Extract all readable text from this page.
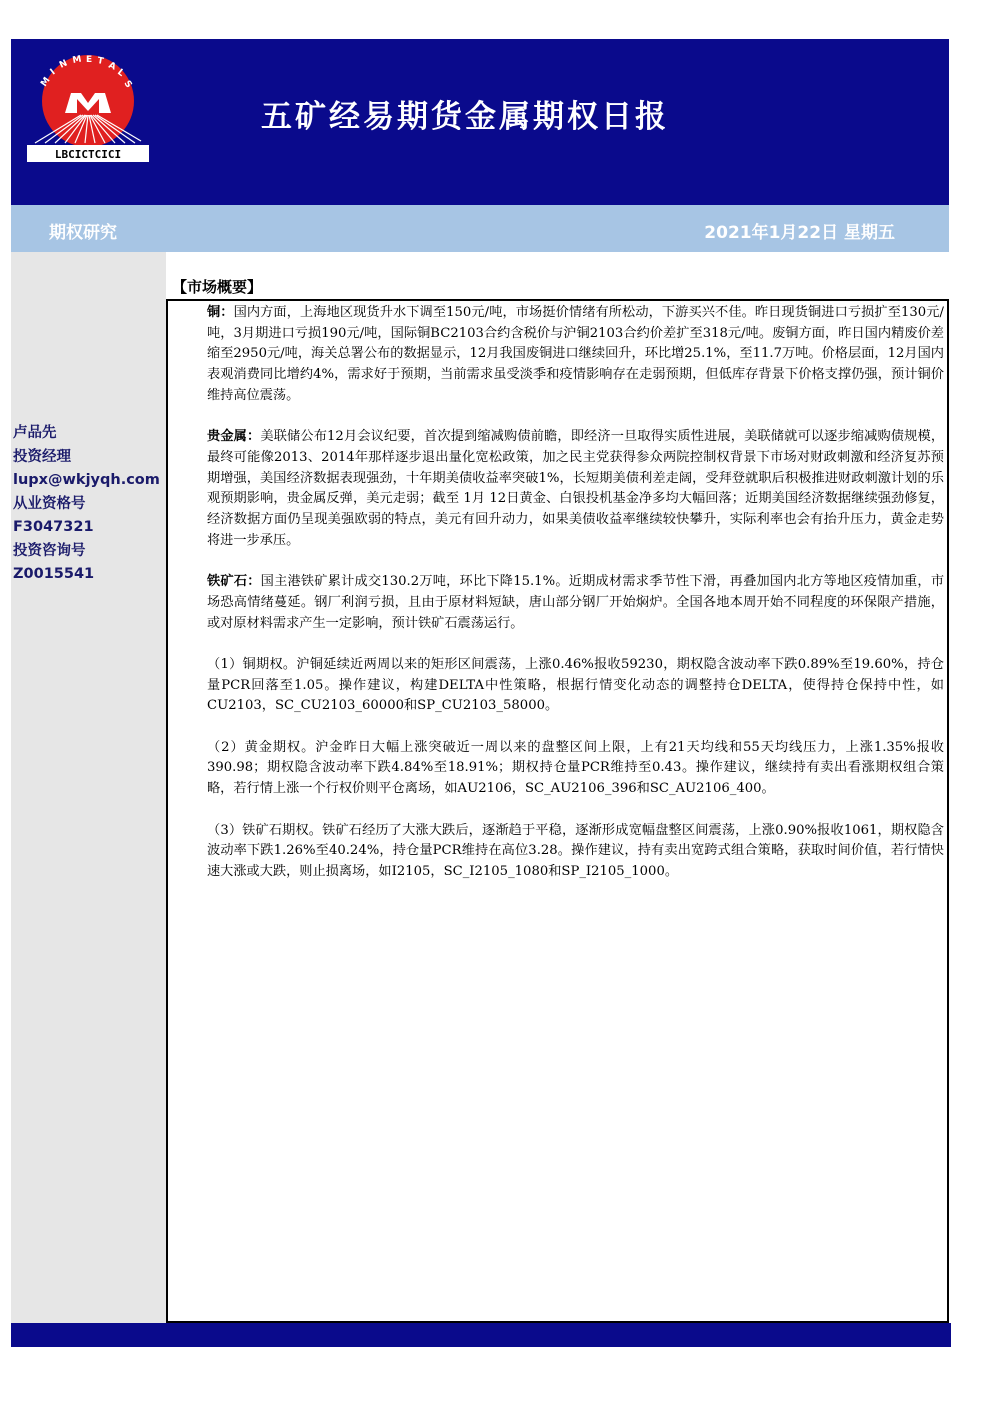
M
I
N M E T A
L
S
LBCICTCICI
五矿经易期货金属期权日报
期权研究	2021年1月22日 星期五
卢品先
投资经理
lupx@wkjyqh.com
从业资格号
F3047321
投资咨询号
Z0015541
【市场概要】

铜：国内方面，上海地区现货升水下调至150元/吨，市场挺价情绪有所松动，下游买兴不佳。昨日现货铜进口亏损扩至130元/吨，3月期进口亏损190元/吨，国际铜BC2103合约含税价与沪铜2103合约价差扩至318元/吨。废铜方面，昨日国内精废价差缩至2950元/吨，海关总署公布的数据显示，12月我国废铜进口继续回升，环比增25.1%，至11.7万吨。价格层面，12月国内表观消费同比增约4%，需求好于预期，当前需求虽受淡季和疫情影响存在走弱预期，但低库存背景下价格支撑仍强，预计铜价维持高位震荡。

贵金属：美联储公布12月会议纪要，首次提到缩减购债前瞻，即经济一旦取得实质性进展，美联储就可以逐步缩减购债规模，最终可能像2013、2014年那样逐步退出量化宽松政策，加之民主党获得参众两院控制权背景下市场对财政刺激和经济复苏预期增强，美国经济数据表现强劲，十年期美债收益率突破1%，长短期美债利差走阔，受拜登就职后积极推进财政刺激计划的乐观预期影响，贵金属反弹，美元走弱；截至 1月 12日黄金、白银投机基金净多均大幅回落；近期美国经济数据继续强劲修复，经济数据方面仍呈现美强欧弱的特点，美元有回升动力，如果美债收益率继续较快攀升，实际利率也会有抬升压力，黄金走势将进一步承压。

铁矿石：国主港铁矿累计成交130.2万吨，环比下降15.1%。近期成材需求季节性下滑，再叠加国内北方等地区疫情加重，市场恐高情绪蔓延。钢厂利润亏损，且由于原材料短缺，唐山部分钢厂开始焖炉。全国各地本周开始不同程度的环保限产措施，或对原材料需求产生一定影响，预计铁矿石震荡运行。

（1）铜期权。沪铜延续近两周以来的矩形区间震荡，上涨0.46%报收59230，期权隐含波动率下跌0.89%至19.60%，持仓量PCR回落至1.05。操作建议，构建DELTA中性策略，根据行情变化动态的调整持仓DELTA，使得持仓保持中性，如CU2103，SC_CU2103_60000和SP_CU2103_58000。

（2）黄金期权。沪金昨日大幅上涨突破近一周以来的盘整区间上限，上有21天均线和55天均线压力，上涨1.35%报收390.98；期权隐含波动率下跌4.84%至18.91%；期权持仓量PCR维持至0.43。操作建议，继续持有卖出看涨期权组合策略，若行情上涨一个行权价则平仓离场，如AU2106，SC_AU2106_396和SC_AU2106_400。

（3）铁矿石期权。铁矿石经历了大涨大跌后，逐渐趋于平稳，逐渐形成宽幅盘整区间震荡，上涨0.90%报收1061，期权隐含波动率下跌1.26%至40.24%，持仓量PCR维持在高位3.28。操作建议，持有卖出宽跨式组合策略，获取时间价值，若行情快速大涨或大跌，则止损离场，如I2105，SC_I2105_1080和SP_I2105_1000。
